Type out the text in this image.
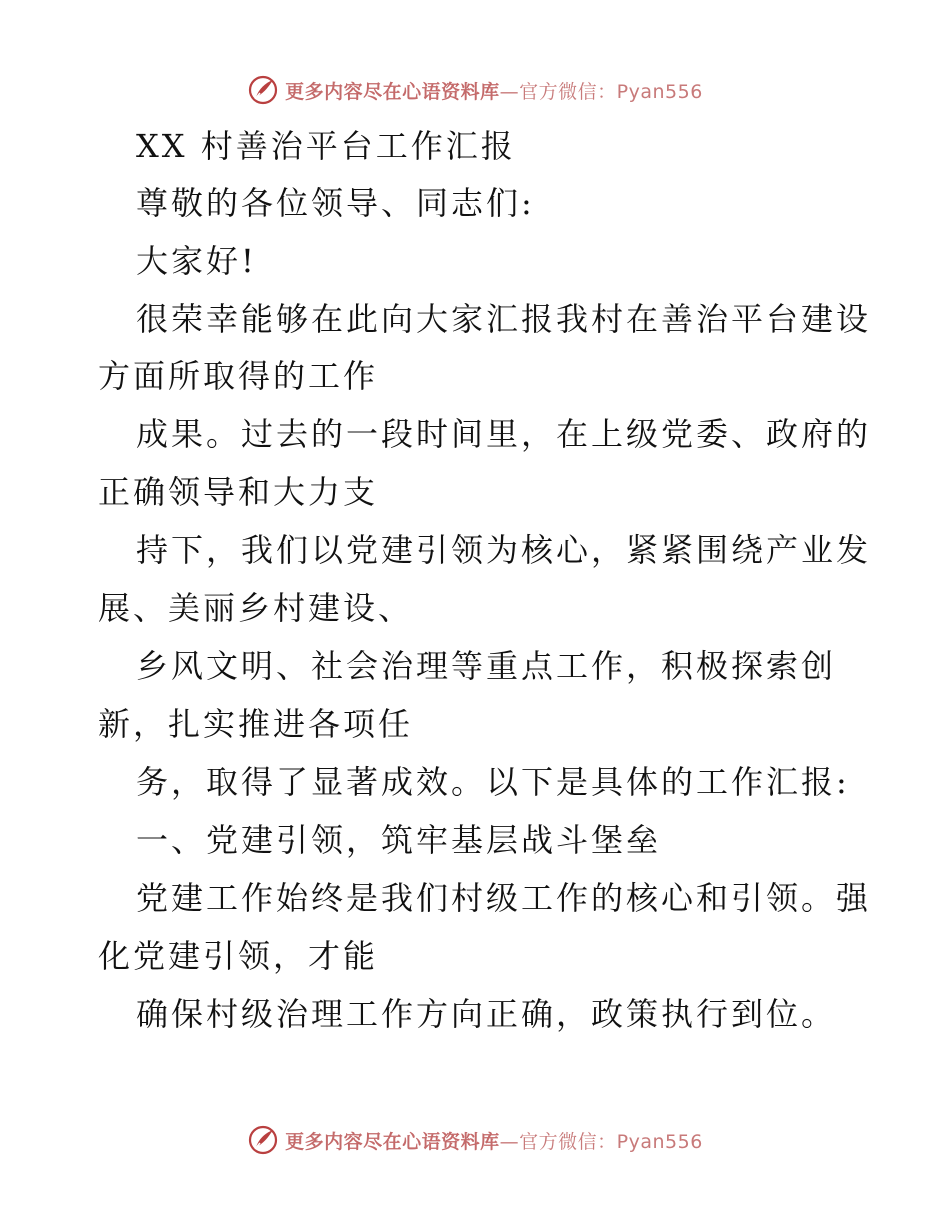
更多内容尽在心语资料库—官方微信：Pyan556
XX 村善治平台工作汇报
尊敬的各位领导、同志们:
大家好!
很荣幸能够在此向大家汇报我村在善治平台建设
方面所取得的工作
成果。过去的一段时间里，在上级党委、政府的
正确领导和大力支
持下，我们以党建引领为核心，紧紧围绕产业发
展、美丽乡村建设、
乡风文明、社会治理等重点工作，积极探索创
新，扎实推进各项任
务，取得了显著成效。以下是具体的工作汇报:
一、党建引领，筑牢基层战斗堡垒
党建工作始终是我们村级工作的核心和引领。强
化党建引领，才能
确保村级治理工作方向正确，政策执行到位。
更多内容尽在心语资料库—官方微信：Pyan556
